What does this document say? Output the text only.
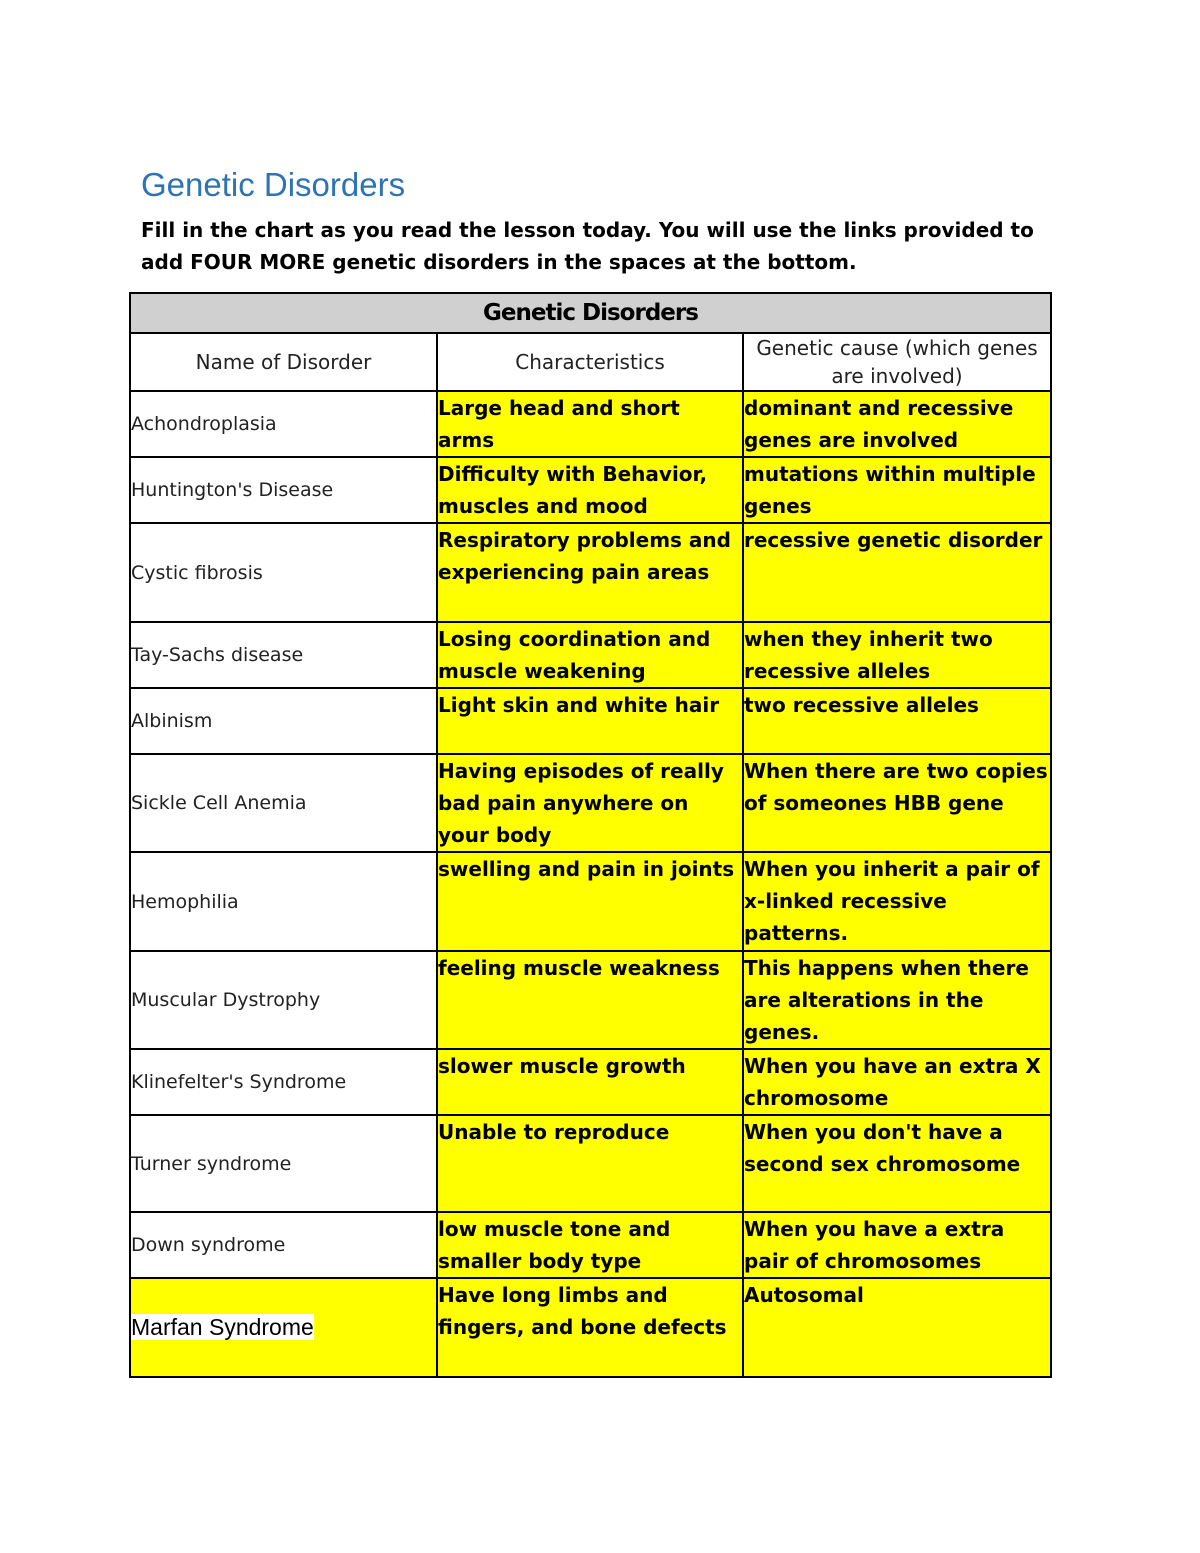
Genetic Disorders

Fill in the chart as you read the lesson today. You will use the links provided to add FOUR MORE genetic disorders in the spaces at the bottom.

Genetic Disorders		
Name of Disorder	Characteristics	Genetic cause (which genes are involved)
Achondroplasia	Large head and short arms	dominant and recessive genes are involved
Huntington's Disease	Difficulty with Behavior, muscles and mood	mutations within multiple genes
Cystic fibrosis	Respiratory problems and experiencing pain areas	recessive genetic disorder
Tay-Sachs disease	Losing coordination and muscle weakening	when they inherit two recessive alleles
Albinism	Light skin and white hair	two recessive alleles
Sickle Cell Anemia	Having episodes of really bad pain anywhere on your body	When there are two copies of someones HBB gene
Hemophilia	swelling and pain in joints	When you inherit a pair of x-linked recessive patterns.
Muscular Dystrophy	feeling muscle weakness	This happens when there are alterations in the genes.
Klinefelter's Syndrome	slower muscle growth	When you have an extra X chromosome
Turner syndrome	Unable to reproduce	When you don't have a second sex chromosome
Down syndrome	low muscle tone and smaller body type	When you have a extra pair of chromosomes
Marfan Syndrome	Have long limbs and fingers, and bone defects	Autosomal
